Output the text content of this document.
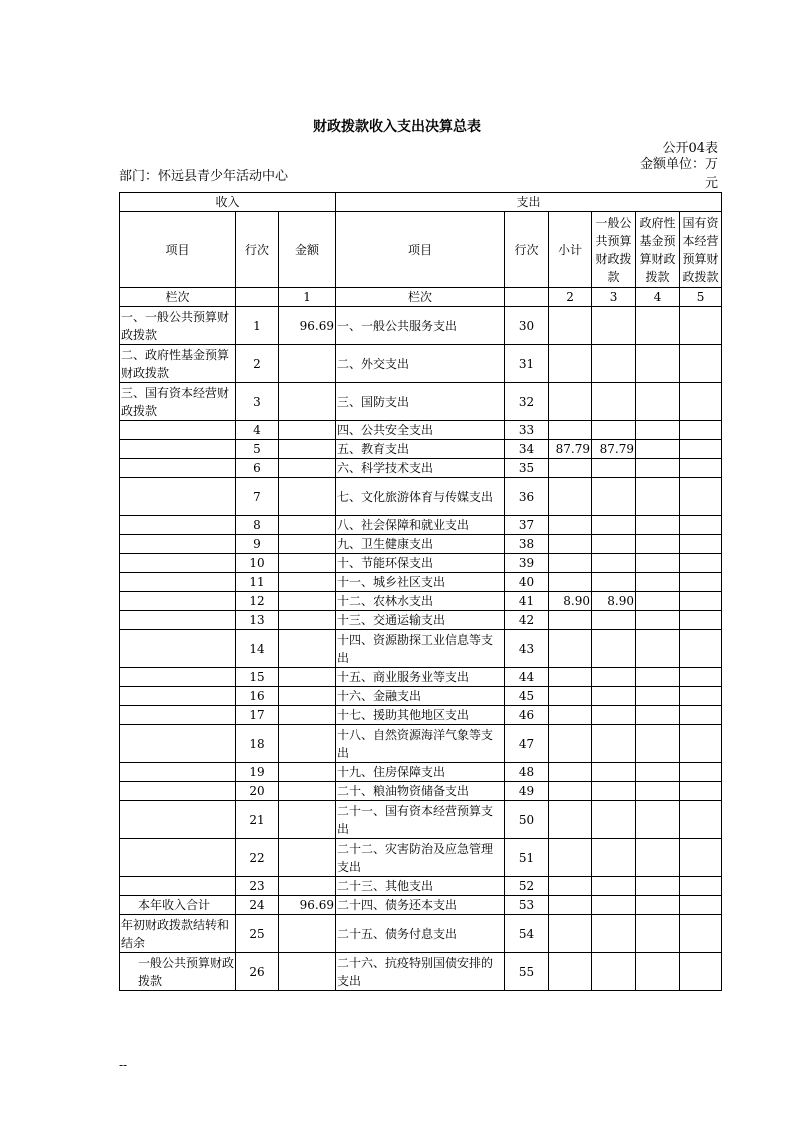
财政拨款收入支出决算总表
公开04表
金额单位：万元
部门：怀远县青少年活动中心
收入			支出					
项目	行次	金额	项目	行次	小计	一般公共预算财政拨款	政府性基金预算财政拨款	国有资本经营预算财政拨款
栏次		1	栏次		2	3	4	5
一、一般公共预算财政拨款	1	96.69	一、一般公共服务支出	30				
二、政府性基金预算财政拨款	2		二、外交支出	31				
三、国有资本经营财政拨款	3		三、国防支出	32				
	4		四、公共安全支出	33				
	5		五、教育支出	34	87.79	87.79		
	6		六、科学技术支出	35				
	7		七、文化旅游体育与传媒支出	36				
	8		八、社会保障和就业支出	37				
	9		九、卫生健康支出	38				
	10		十、节能环保支出	39				
	11		十一、城乡社区支出	40				
	12		十二、农林水支出	41	8.90	8.90		
	13		十三、交通运输支出	42				
	14		十四、资源勘探工业信息等支出	43				
	15		十五、商业服务业等支出	44				
	16		十六、金融支出	45				
	17		十七、援助其他地区支出	46				
	18		十八、自然资源海洋气象等支出	47				
	19		十九、住房保障支出	48				
	20		二十、粮油物资储备支出	49				
	21		二十一、国有资本经营预算支出	50				
	22		二十二、灾害防治及应急管理支出	51				
	23		二十三、其他支出	52				
本年收入合计	24	96.69	二十四、债务还本支出	53				
年初财政拨款结转和结余	25		二十五、债务付息支出	54				
一般公共预算财政拨款	26		二十六、抗疫特别国债安排的支出	55				
--
